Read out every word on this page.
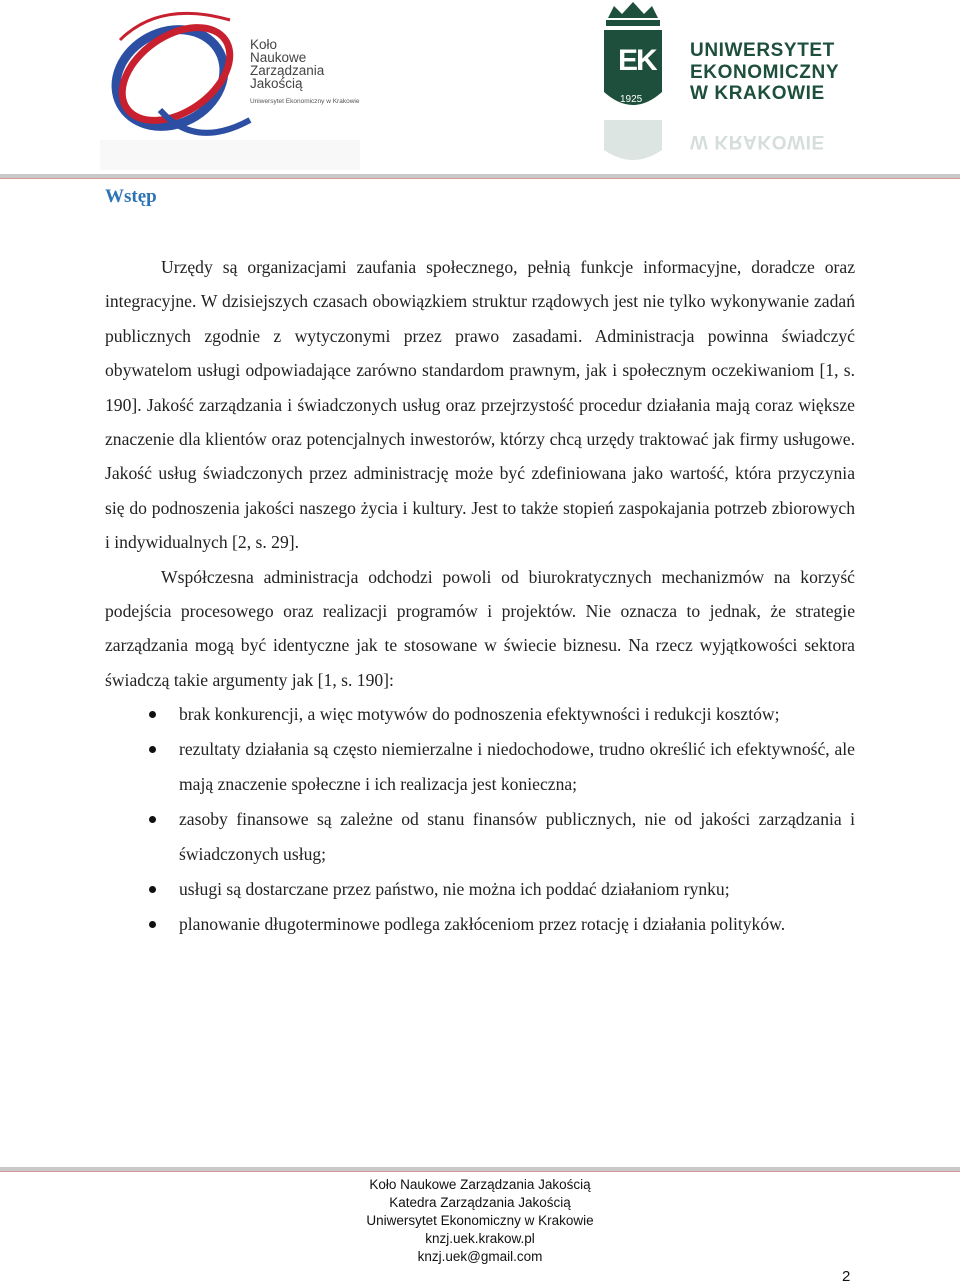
Koło
Naukowe
Zarządzania
Jakością
Uniwersytet Ekonomiczny w Krakowie
E
K
1925
UNIWERSYTET
EKONOMICZNY
W KRAKOWIE
W KRAKOWIE
Wstęp

Urzędy są organizacjami zaufania społecznego, pełnią funkcje informacyjne, doradcze oraz integracyjne. W dzisiejszych czasach obowiązkiem struktur rządowych jest nie tylko wykonywanie zadań publicznych zgodnie z wytyczonymi przez prawo zasadami. Administracja powinna świadczyć obywatelom usługi odpowiadające zarówno standardom prawnym, jak i społecznym oczekiwaniom [1, s. 190]. Jakość zarządzania i świadczonych usług oraz przejrzystość procedur działania mają coraz większe znaczenie dla klientów oraz potencjalnych inwestorów, którzy chcą urzędy traktować jak firmy usługowe. Jakość usług świadczonych przez administrację może być zdefiniowana jako wartość, która przyczynia się do podnoszenia jakości naszego życia i kultury. Jest to także stopień zaspokajania potrzeb zbiorowych i indywidualnych [2, s. 29].

Współczesna administracja odchodzi powoli od biurokratycznych mechanizmów na korzyść podejścia procesowego oraz realizacji programów i projektów. Nie oznacza to jednak, że strategie zarządzania mogą być identyczne jak te stosowane w świecie biznesu. Na rzecz wyjątkowości sektora świadczą takie argumenty jak [1, s. 190]:

brak konkurencji, a więc motywów do podnoszenia efektywności i redukcji kosztów;
rezultaty działania są często niemierzalne i niedochodowe, trudno określić ich efektywność, ale mają znaczenie społeczne i ich realizacja jest konieczna;
zasoby finansowe są zależne od stanu finansów publicznych, nie od jakości zarządzania i świadczonych usług;
usługi są dostarczane przez państwo, nie można ich poddać działaniom rynku;
planowanie długoterminowe podlega zakłóceniom przez rotację i działania polityków.
Koło Naukowe Zarządzania Jakością
Katedra Zarządzania Jakością
Uniwersytet Ekonomiczny w Krakowie
knzj.uek.krakow.pl
knzj.uek@gmail.com
2
